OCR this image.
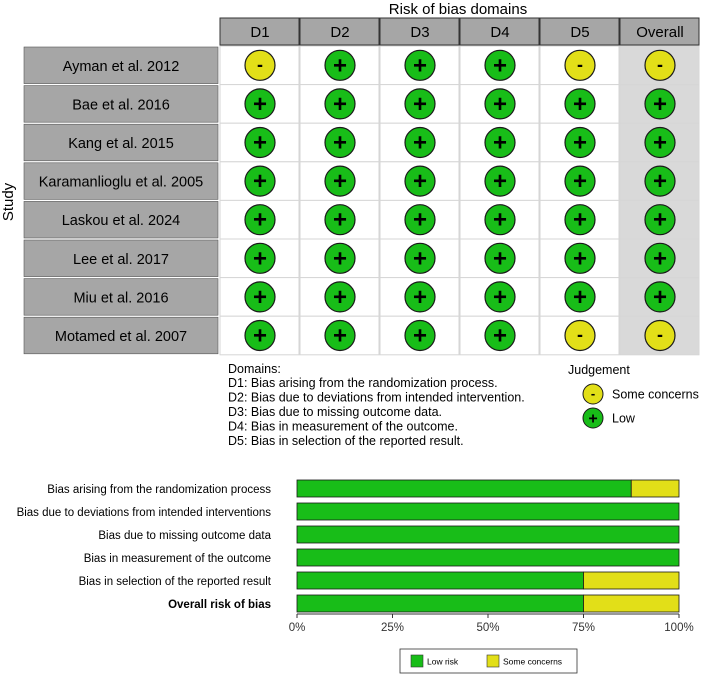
Risk of bias domains
Study
D1	D2	D3	D4	D5	Overall
Ayman et al. 2012	-	+	+	+	-	-
Bae et al. 2016	+	+	+	+	+	+
Kang et al. 2015	+	+	+	+	+	+
Karamanlioglu et al. 2005 +	+	+	+	+	+
Laskou et al. 2024	+	+	+	+	+	+
Lee et al. 2017	+	+	+	+	+	+
Miu et al. 2016	+	+	+	+	+	+
Motamed et al. 2007	+	+	+	+	-	-
Domains:
D1: Bias arising from the randomization process.
D2: Bias due to deviations from intended intervention.
D3: Bias due to missing outcome data.
D4: Bias in measurement of the outcome.
D5: Bias in selection of the reported result.
Judgement
- Some concerns
+ Low
Bias arising from the randomization process
Bias due to deviations from intended interventions
Bias due to missing outcome data
Bias in measurement of the outcome
Bias in selection of the reported result
Overall risk of bias
0%	25%	50%	75%	100%
Low risk	Some concerns
